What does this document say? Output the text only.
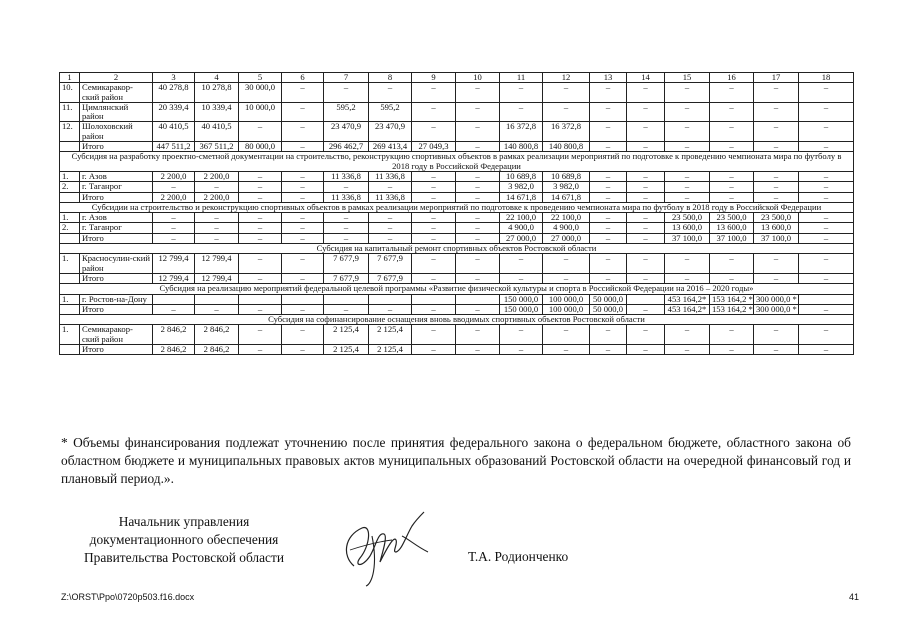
1	2	3	4	5	6	7	8	9	10	11	12	13	14	15	16	17	18
10.	Семикаракор-ский район	40 278,8	10 278,8	30 000,0	–	–	–	–	–	–	–	–	–	–	–	–	–
11.	Цимлянский район	20 339,4	10 339,4	10 000,0	–	595,2	595,2	–	–	–	–	–	–	–	–	–	–
12.	Шолоховский район	40 410,5	40 410,5	–	–	23 470,9	23 470,9	–	–	16 372,8	16 372,8	–	–	–	–	–	–
	Итого	447 511,2	367 511,2	80 000,0	–	296 462,7	269 413,4	27 049,3	–	140 800,8	140 800,8	–	–	–	–	–	–
Субсидия на разработку проектно-сметной документации на строительство, реконструкцию спортивных объектов в рамках реализации мероприятий по подготовке к проведению чемпионата мира по футболу в 2018 году в Российской Федерации																	
1.	г. Азов	2 200,0	2 200,0	–	–	11 336,8	11 336,8	–	–	10 689,8	10 689,8	–	–	–	–	–	–
2.	г. Таганрог	–	–	–	–	–	–	–	–	3 982,0	3 982,0	–	–	–	–	–	–
	Итого	2 200,0	2 200,0	–	–	11 336,8	11 336,8	–	–	14 671,8	14 671,8	–	–	–	–	–	–
Субсидии на строительство и реконструкцию спортивных объектов в рамках реализации мероприятий по подготовке к проведению чемпионата мира по футболу в 2018 году в Российской Федерации																	
1.	г. Азов	–	–	–	–	–	–	–	–	22 100,0	22 100,0	–	–	23 500,0	23 500,0	23 500,0	–
2.	г. Таганрог	–	–	–	–	–	–	–	–	4 900,0	4 900,0	–	–	13 600,0	13 600,0	13 600,0	–
	Итого	–	–	–	–	–	–	–	–	27 000,0	27 000,0	–	–	37 100,0	37 100,0	37 100,0	–
Субсидия на капитальный ремонт спортивных объектов Ростовской области																	
1.	Красносулин-ский район	12 799,4	12 799,4	–	–	7 677,9	7 677,9	–	–	–	–	–	–	–	–	–	–
	Итого	12 799,4	12 799,4	–	–	7 677,9	7 677,9	–	–	–	–	–	–	–	–	–	–
Субсидия на реализацию мероприятий федеральной целевой программы «Развитие физической культуры и спорта в Российской Федерации на 2016 – 2020 годы»																	
1.	г. Ростов-на-Дону									150 000,0	100 000,0	50 000,0		453 164,2*	153 164,2 *	300 000,0 *	
	Итого	–	–	–	–	–	–	–	–	150 000,0	100 000,0	50 000,0	–	453 164,2*	153 164,2 *	300 000,0 *	–
Субсидия на софинансирование оснащения вновь вводимых спортивных объектов Ростовской области																	
1.	Семикаракор-ский район	2 846,2	2 846,2	–	–	2 125,4	2 125,4	–	–	–	–	–	–	–	–	–	–
	Итого	2 846,2	2 846,2	–	–	2 125,4	2 125,4	–	–	–	–	–	–	–	–	–	–
* Объемы финансирования подлежат уточнению после принятия федерального закона о федеральном бюджете, областного закона об областном бюджете и муниципальных правовых актов муниципальных образований Ростовской области на очередной финансовый год и плановый период.».
Начальник управления
документационного обеспечения
Правительства Ростовской области	Т.А. Родионченко
Z:\ORST\Ppo\0720p503.f16.docx	41
